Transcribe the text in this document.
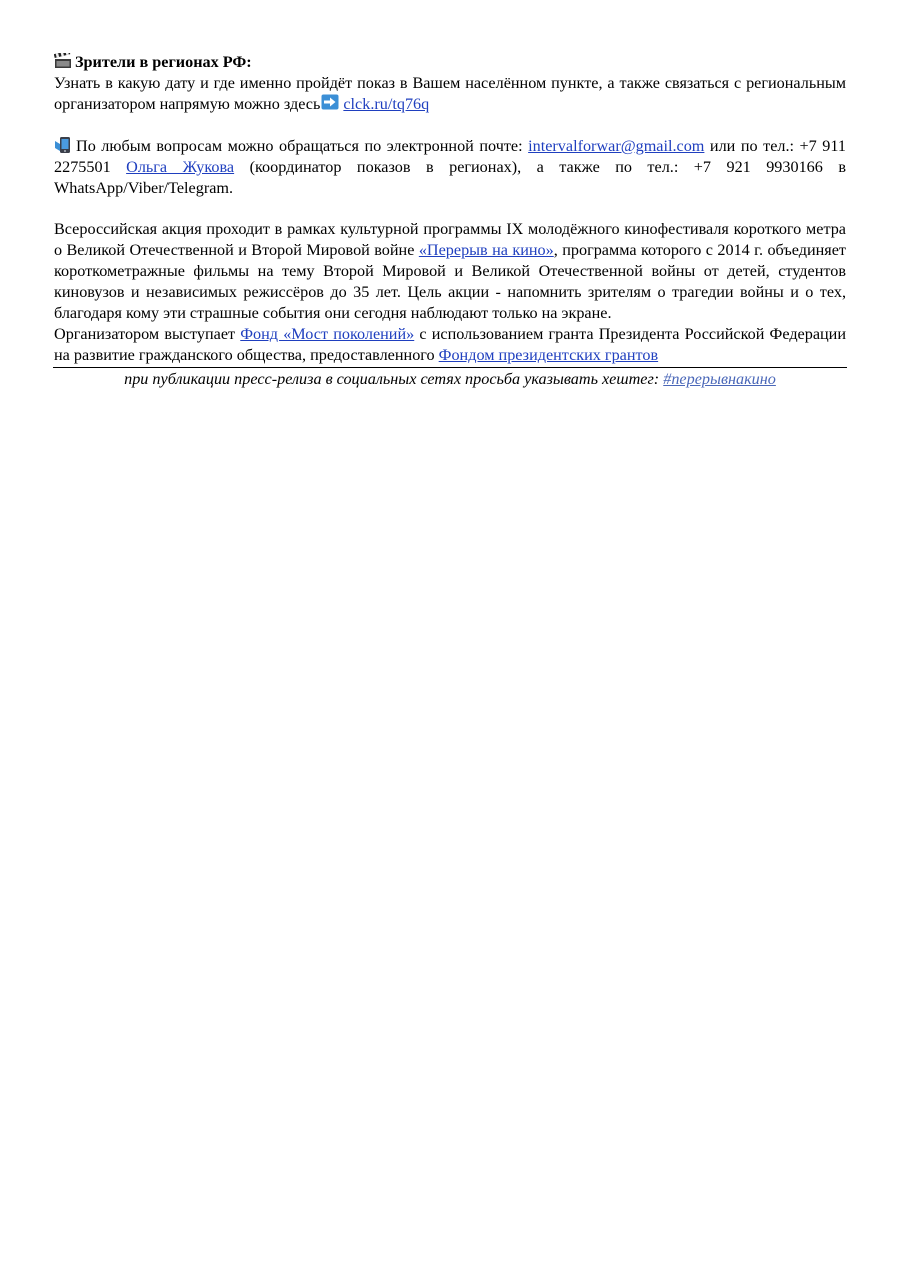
Зрители в регионах РФ:

Узнать в какую дату и где именно пройдёт показ в Вашем населённом пункте, а также связаться с региональным организатором напрямую можно здесь clck.ru/tq76q

По любым вопросам можно обращаться по электронной почте: intervalforwar@gmail.com или по тел.: +7 911 2275501 Ольга Жукова (координатор показов в регионах), а также по тел.: +7 921 9930166 в WhatsApp/Viber/Telegram.

Всероссийская акция проходит в рамках культурной программы IX молодёжного кинофестиваля короткого метра о Великой Отечественной и Второй Мировой войне «Перерыв на кино», программа которого с 2014 г. объединяет короткометражные фильмы на тему Второй Мировой и Великой Отечественной войны от детей, студентов киновузов и независимых режиссёров до 35 лет. Цель акции - напомнить зрителям о трагедии войны и о тех, благодаря кому эти страшные события они сегодня наблюдают только на экране.

Организатором выступает Фонд «Мост поколений» с использованием гранта Президента Российской Федерации на развитие гражданского общества, предоставленного Фондом президентских грантов

при публикации пресс-релиза в социальных сетях просьба указывать хештег: #перерывнакино
